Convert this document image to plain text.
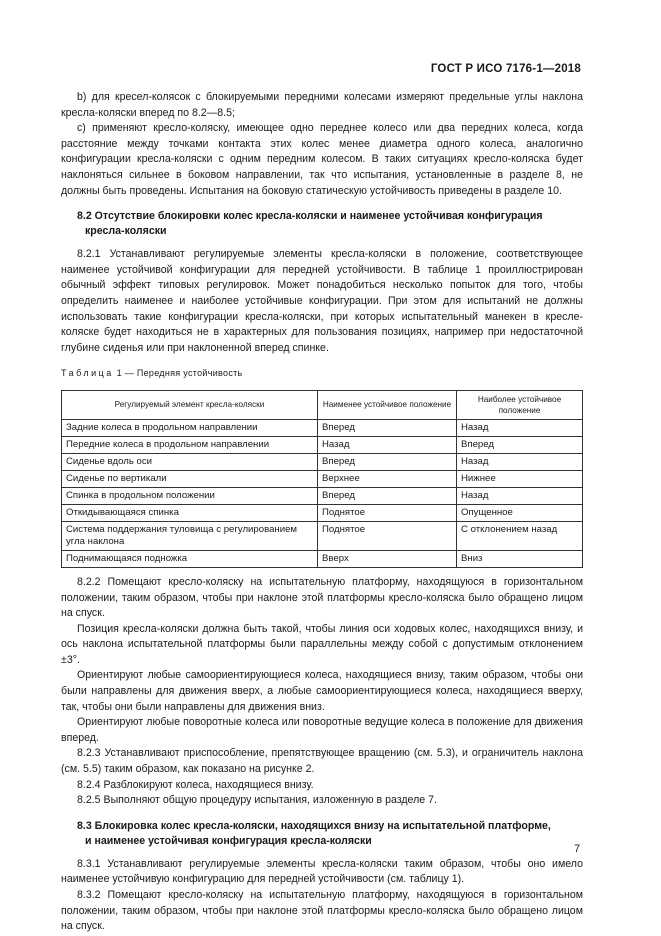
ГОСТ Р ИСО 7176-1—2018

b) для кресел-колясок с блокируемыми передними колесами измеряют предельные углы наклона кресла-коляски вперед по 8.2—8.5;

c) применяют кресло-коляску, имеющее одно переднее колесо или два передних колеса, когда расстояние между точками контакта этих колес менее диаметра одного колеса, аналогично конфигурации кресла-коляски с одним передним колесом. В таких ситуациях кресло-коляска будет наклоняться сильнее в боковом направлении, так что испытания, установленные в разделе 8, не должны быть проведены. Испытания на боковую статическую устойчивость приведены в разделе 10.

8.2 Отсутствие блокировки колес кресла-коляски и наименее устойчивая конфигурация
кресла-коляски

8.2.1 Устанавливают регулируемые элементы кресла-коляски в положение, соответствующее наименее устойчивой конфигурации для передней устойчивости. В таблице 1 проиллюстрирован обычный эффект типовых регулировок. Может понадобиться несколько попыток для того, чтобы определить наименее и наиболее устойчивые конфигурации. При этом для испытаний не должны использовать такие конфигурации кресла-коляски, при которых испытательный манекен в кресле-коляске будет находиться не в характерных для пользования позициях, например при недостаточной глубине сиденья или при наклоненной вперед спинке.

Таблица 1 — Передняя устойчивость
Регулируемый элемент кресла-коляски	Наименее устойчивое положение	Наиболее устойчивое положение
Задние колеса в продольном направлении	Вперед	Назад
Передние колеса в продольном направлении	Назад	Вперед
Сиденье вдоль оси	Вперед	Назад
Сиденье по вертикали	Верхнее	Нижнее
Спинка в продольном положении	Вперед	Назад
Откидывающаяся спинка	Поднятое	Опущенное
Система поддержания туловища с регулированием угла наклона	Поднятое	С отклонением назад
Поднимающаяся подножка	Вверх	Вниз

8.2.2 Помещают кресло-коляску на испытательную платформу, находящуюся в горизонтальном положении, таким образом, чтобы при наклоне этой платформы кресло-коляска было обращено лицом на спуск.

Позиция кресла-коляски должна быть такой, чтобы линия оси ходовых колес, находящихся внизу, и ось наклона испытательной платформы были параллельны между собой с допустимым отклонением ±3°.

Ориентируют любые самоориентирующиеся колеса, находящиеся внизу, таким образом, чтобы они были направлены для движения вверх, а любые самоориентирующиеся колеса, находящиеся вверху, так, чтобы они были направлены для движения вниз.

Ориентируют любые поворотные колеса или поворотные ведущие колеса в положение для движения вперед.

8.2.3 Устанавливают приспособление, препятствующее вращению (см. 5.3), и ограничитель наклона (см. 5.5) таким образом, как показано на рисунке 2.

8.2.4 Разблокируют колеса, находящиеся внизу.

8.2.5 Выполняют общую процедуру испытания, изложенную в разделе 7.

8.3 Блокировка колес кресла-коляски, находящихся внизу на испытательной платформе,
и наименее устойчивая конфигурация кресла-коляски

8.3.1 Устанавливают регулируемые элементы кресла-коляски таким образом, чтобы оно имело наименее устойчивую конфигурацию для передней устойчивости (см. таблицу 1).

8.3.2 Помещают кресло-коляску на испытательную платформу, находящуюся в горизонтальном положении, таким образом, чтобы при наклоне этой платформы кресло-коляска было обращено лицом на спуск.

7
